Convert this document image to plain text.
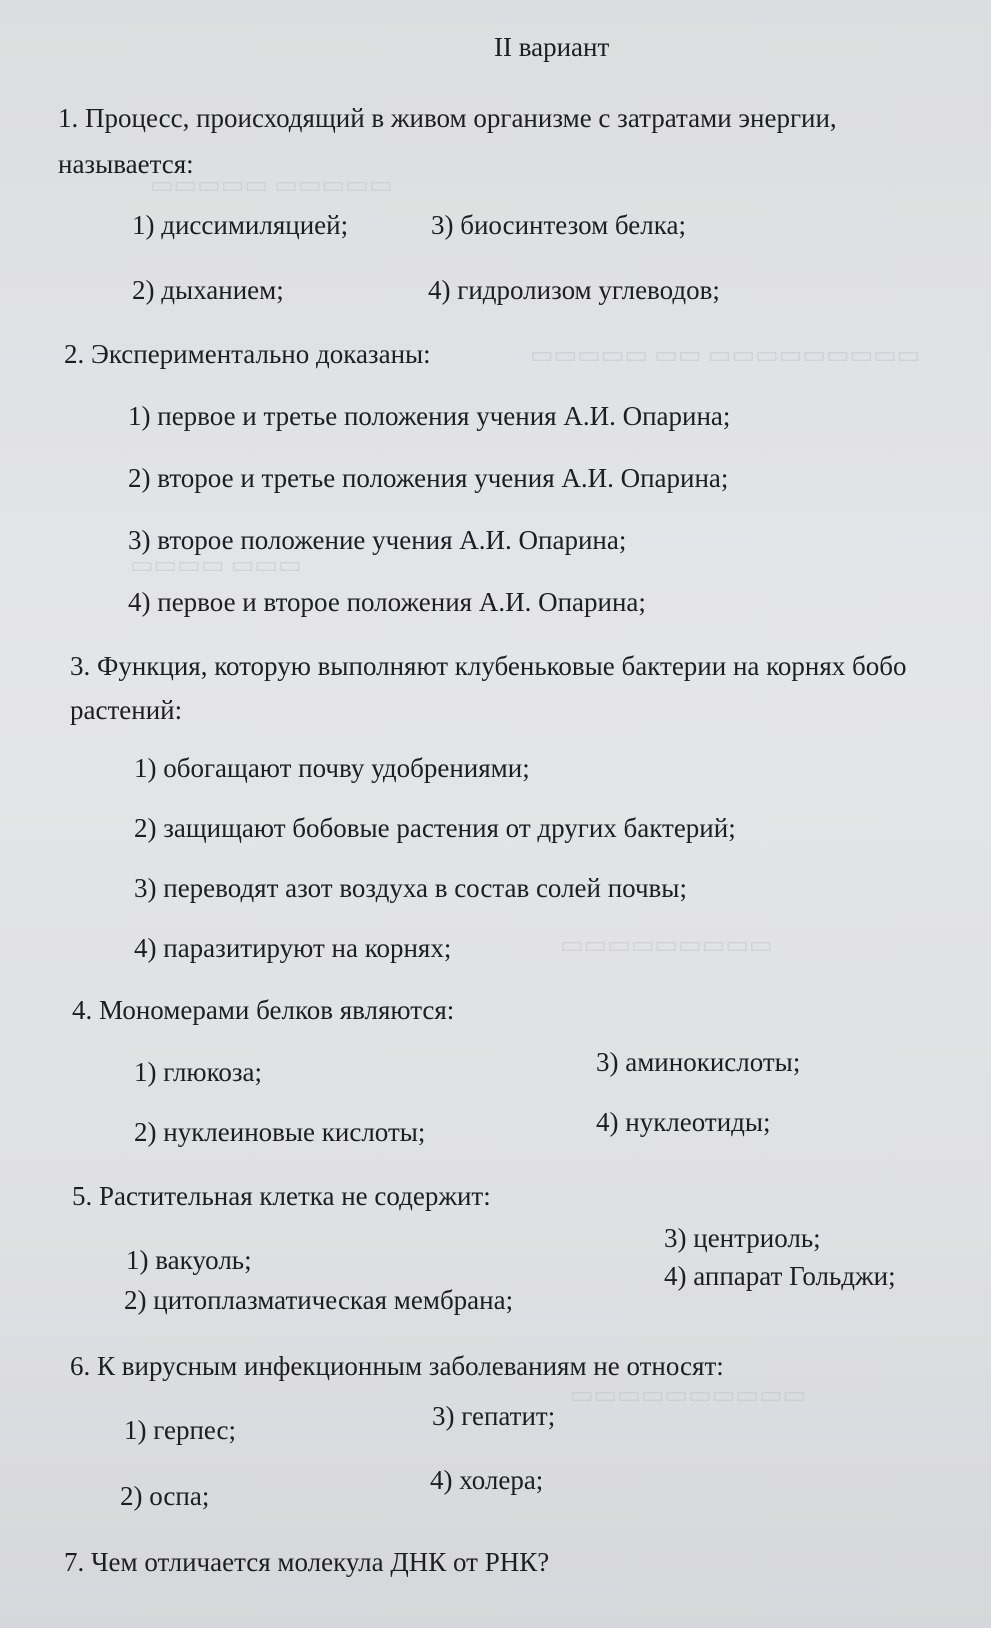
▭▭▭▭▭ ▭▭▭▭▭
▭▭▭▭▭ ▭▭ ▭▭▭▭▭▭▭▭▭
▭▭▭▭ ▭▭▭
▭▭▭▭▭▭▭▭▭
▭▭▭▭▭▭▭▭▭▭
II вариант
1. Процесс, происходящий в живом организме с затратами энергии,
называется:
1) диссимиляцией;	3) биосинтезом белка;
2) дыханием;	4) гидролизом углеводов;
2. Экспериментально доказаны:
1) первое и третье положения учения А.И. Опарина;
2) второе и третье положения учения А.И. Опарина;
3) второе положение учения А.И. Опарина;
4) первое и второе положения А.И. Опарина;
3. Функция, которую выполняют клубеньковые бактерии на корнях бобо
растений:
1) обогащают почву удобрениями;
2) защищают бобовые растения от других бактерий;
3) переводят азот воздуха в состав солей почвы;
4) паразитируют на корнях;
4. Мономерами белков являются:
1) глюкоза;	3) аминокислоты;
2) нуклеиновые кислоты;	4) нуклеотиды;
5. Растительная клетка не содержит:
3) центриоль;
1) вакуоль;
4) аппарат Гольджи;
2) цитоплазматическая мембрана;
6. К вирусным инфекционным заболеваниям не относят:
3) гепатит;
1) герпес;
4) холера;
2) оспа;
7. Чем отличается молекула ДНК от РНК?
